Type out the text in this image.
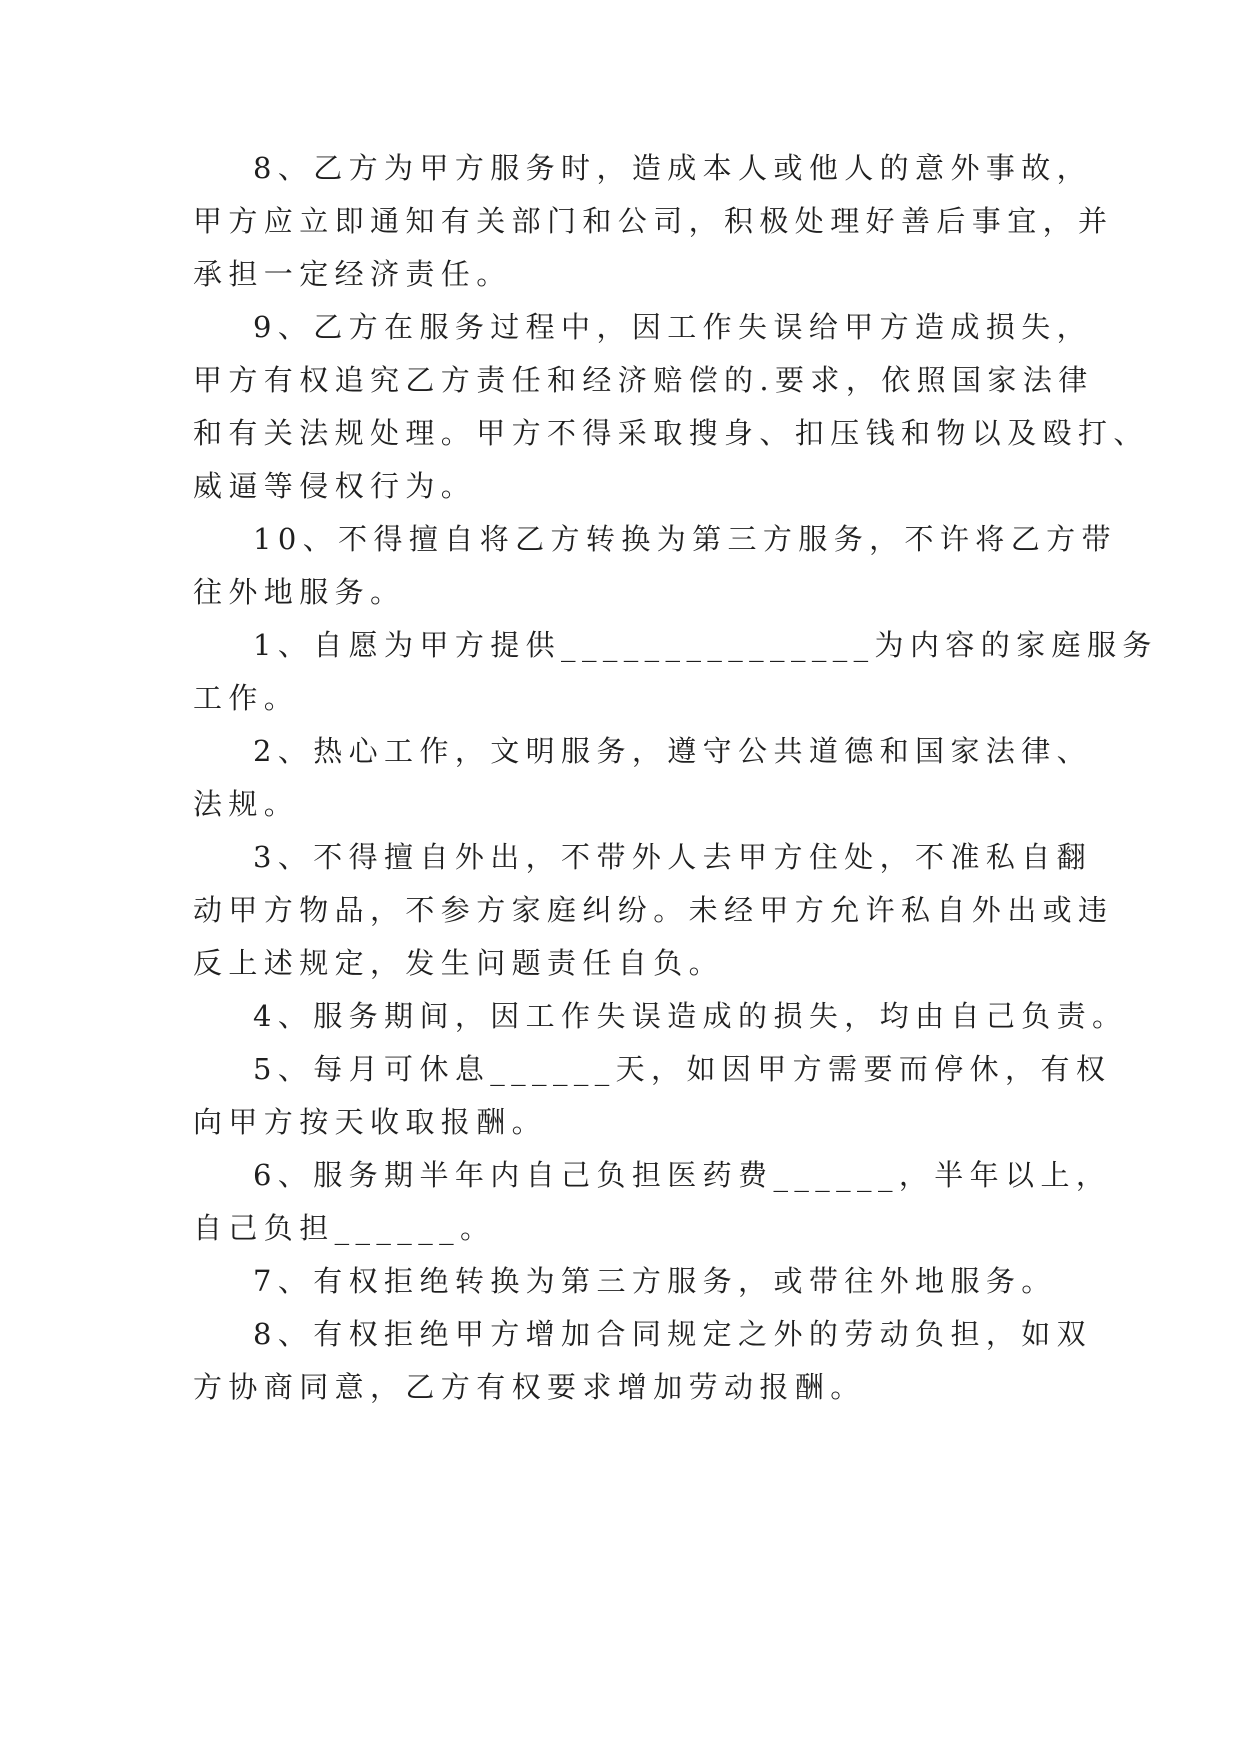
8、乙方为甲方服务时，造成本人或他人的意外事故，
甲方应立即通知有关部门和公司，积极处理好善后事宜，并
承担一定经济责任。
9、乙方在服务过程中，因工作失误给甲方造成损失，
甲方有权追究乙方责任和经济赔偿的.要求，依照国家法律
和有关法规处理。甲方不得采取搜身、扣压钱和物以及殴打、
威逼等侵权行为。
10、不得擅自将乙方转换为第三方服务，不许将乙方带
往外地服务。
1、自愿为甲方提供_______________为内容的家庭服务
工作。
2、热心工作，文明服务，遵守公共道德和国家法律、
法规。
3、不得擅自外出，不带外人去甲方住处，不准私自翻
动甲方物品，不参方家庭纠纷。未经甲方允许私自外出或违
反上述规定，发生问题责任自负。
4、服务期间，因工作失误造成的损失，均由自己负责。
5、每月可休息______天，如因甲方需要而停休，有权
向甲方按天收取报酬。
6、服务期半年内自己负担医药费______，半年以上，
自己负担______。
7、有权拒绝转换为第三方服务，或带往外地服务。
8、有权拒绝甲方增加合同规定之外的劳动负担，如双
方协商同意，乙方有权要求增加劳动报酬。
